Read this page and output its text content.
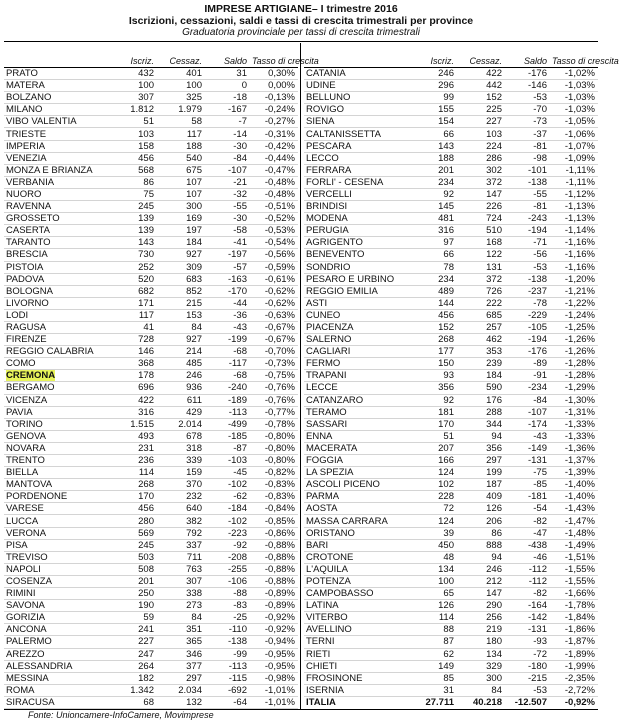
IMPRESE ARTIGIANE– I trimestre 2016
Iscrizioni, cessazioni, saldi e tassi di crescita trimestrali per province
Graduatoria provinciale per tassi di crescita trimestrali
	Iscriz.	Cessaz.	Saldo	Tasso di crescita
PRATO	432	401	31	0,30%
MATERA	100	100	0	0,00%
BOLZANO	307	325	-18	-0,13%
MILANO	1.812	1.979	-167	-0,24%
VIBO VALENTIA	51	58	-7	-0,27%
TRIESTE	103	117	-14	-0,31%
IMPERIA	158	188	-30	-0,42%
VENEZIA	456	540	-84	-0,44%
MONZA E BRIANZA	568	675	-107	-0,47%
VERBANIA	86	107	-21	-0,48%
NUORO	75	107	-32	-0,48%
RAVENNA	245	300	-55	-0,51%
GROSSETO	139	169	-30	-0,52%
CASERTA	139	197	-58	-0,53%
TARANTO	143	184	-41	-0,54%
BRESCIA	730	927	-197	-0,56%
PISTOIA	252	309	-57	-0,59%
PADOVA	520	683	-163	-0,61%
BOLOGNA	682	852	-170	-0,62%
LIVORNO	171	215	-44	-0,62%
LODI	117	153	-36	-0,63%
RAGUSA	41	84	-43	-0,67%
FIRENZE	728	927	-199	-0,67%
REGGIO CALABRIA	146	214	-68	-0,70%
COMO	368	485	-117	-0,73%
CREMONA	178	246	-68	-0,75%
BERGAMO	696	936	-240	-0,76%
VICENZA	422	611	-189	-0,76%
PAVIA	316	429	-113	-0,77%
TORINO	1.515	2.014	-499	-0,78%
GENOVA	493	678	-185	-0,80%
NOVARA	231	318	-87	-0,80%
TRENTO	236	339	-103	-0,80%
BIELLA	114	159	-45	-0,82%
MANTOVA	268	370	-102	-0,83%
PORDENONE	170	232	-62	-0,83%
VARESE	456	640	-184	-0,84%
LUCCA	280	382	-102	-0,85%
VERONA	569	792	-223	-0,86%
PISA	245	337	-92	-0,88%
TREVISO	503	711	-208	-0,88%
NAPOLI	508	763	-255	-0,88%
COSENZA	201	307	-106	-0,88%
RIMINI	250	338	-88	-0,89%
SAVONA	190	273	-83	-0,89%
GORIZIA	59	84	-25	-0,92%
ANCONA	241	351	-110	-0,92%
PALERMO	227	365	-138	-0,94%
AREZZO	247	346	-99	-0,95%
ALESSANDRIA	264	377	-113	-0,95%
MESSINA	182	297	-115	-0,98%
ROMA	1.342	2.034	-692	-1,01%
SIRACUSA	68	132	-64	-1,01%
	Iscriz.	Cessaz.	Saldo	Tasso di crescita
CATANIA	246	422	-176	-1,02%
UDINE	296	442	-146	-1,03%
BELLUNO	99	152	-53	-1,03%
ROVIGO	155	225	-70	-1,03%
SIENA	154	227	-73	-1,05%
CALTANISSETTA	66	103	-37	-1,06%
PESCARA	143	224	-81	-1,07%
LECCO	188	286	-98	-1,09%
FERRARA	201	302	-101	-1,11%
FORLI' - CESENA	234	372	-138	-1,11%
VERCELLI	92	147	-55	-1,12%
BRINDISI	145	226	-81	-1,13%
MODENA	481	724	-243	-1,13%
PERUGIA	316	510	-194	-1,14%
AGRIGENTO	97	168	-71	-1,16%
BENEVENTO	66	122	-56	-1,16%
SONDRIO	78	131	-53	-1,16%
PESARO E URBINO	234	372	-138	-1,20%
REGGIO EMILIA	489	726	-237	-1,21%
ASTI	144	222	-78	-1,22%
CUNEO	456	685	-229	-1,24%
PIACENZA	152	257	-105	-1,25%
SALERNO	268	462	-194	-1,26%
CAGLIARI	177	353	-176	-1,26%
FERMO	150	239	-89	-1,28%
TRAPANI	93	184	-91	-1,28%
LECCE	356	590	-234	-1,29%
CATANZARO	92	176	-84	-1,30%
TERAMO	181	288	-107	-1,31%
SASSARI	170	344	-174	-1,33%
ENNA	51	94	-43	-1,33%
MACERATA	207	356	-149	-1,36%
FOGGIA	166	297	-131	-1,37%
LA SPEZIA	124	199	-75	-1,39%
ASCOLI PICENO	102	187	-85	-1,40%
PARMA	228	409	-181	-1,40%
AOSTA	72	126	-54	-1,43%
MASSA CARRARA	124	206	-82	-1,47%
ORISTANO	39	86	-47	-1,48%
BARI	450	888	-438	-1,49%
CROTONE	48	94	-46	-1,51%
L'AQUILA	134	246	-112	-1,55%
POTENZA	100	212	-112	-1,55%
CAMPOBASSO	65	147	-82	-1,66%
LATINA	126	290	-164	-1,78%
VITERBO	114	256	-142	-1,84%
AVELLINO	88	219	-131	-1,86%
TERNI	87	180	-93	-1,87%
RIETI	62	134	-72	-1,89%
CHIETI	149	329	-180	-1,99%
FROSINONE	85	300	-215	-2,35%
ISERNIA	31	84	-53	-2,72%
ITALIA	27.711	40.218	-12.507	-0,92%
Fonte: Unioncamere-InfoCamere, Movimprese
